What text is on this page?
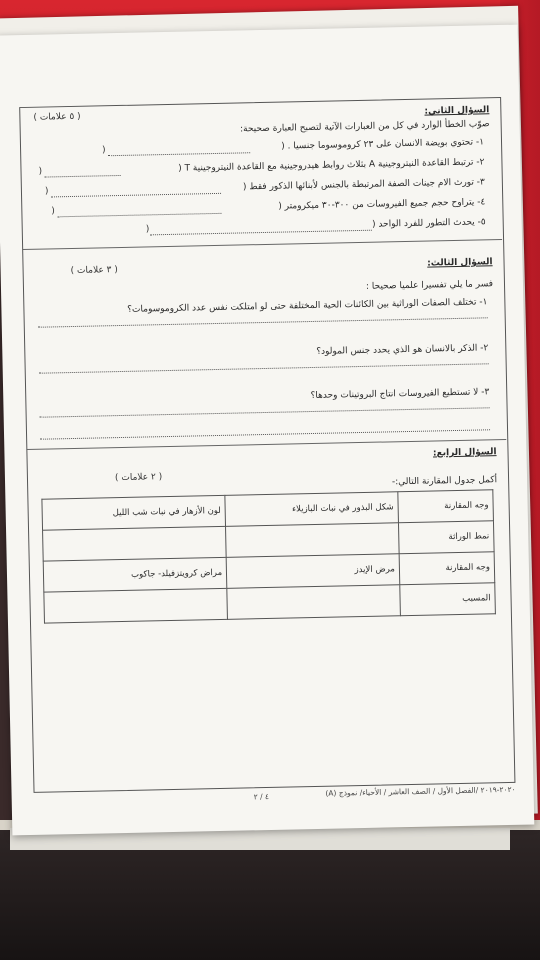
السؤال الثاني:
( ٥ علامات )
صوّب الخطأ الوارد في كل من العبارات الآتية لتصبح العبارة صحيحة:
١- تحتوي بويضة الانسان على ٢٣ كروموسوما جنسيا . (
)
٢- ترتبط القاعدة النيتروجينية A بثلاث روابط هيدروجينية مع القاعدة النيتروجينية T (
)
٣- تورث الام جينات الصفة المرتبطة بالجنس لأبنائها الذكور فقط (
)
٤- يتراوح حجم جميع الفيروسات من ٣٠٠-٣٠ ميكرومتر (
)
٥- يحدث التطور للفرد الواحد (
)
السؤال الثالث:
( ٣ علامات )
فسر ما يلي تفسيرا علميا صحيحا :
١- تختلف الصفات الوراثية بين الكائنات الحية المختلفة حتى لو امتلكت نفس عدد الكروموسومات؟
٢- الذكر بالانسان هو الذي يحدد جنس المولود؟
٣- لا تستطيع الفيروسات انتاج البروتينات وحدها؟
السؤال الرابع:
( ٢ علامات )	أكمل جدول المقارنة التالي:-
وجه المقارنة	شكل البذور في نبات البازيلاء	لون الأزهار في نبات شب الليل
نمط الوراثة		
وجه المقارنة	مرض الإيدز	مراض كرويتزفيلد- جاكوب
المسبب		
٢٠٢٠-٢٠١٩ /الفصل الأول / الصف العاشر / الأحياء/ نموذج (A)
٤ / ٢
